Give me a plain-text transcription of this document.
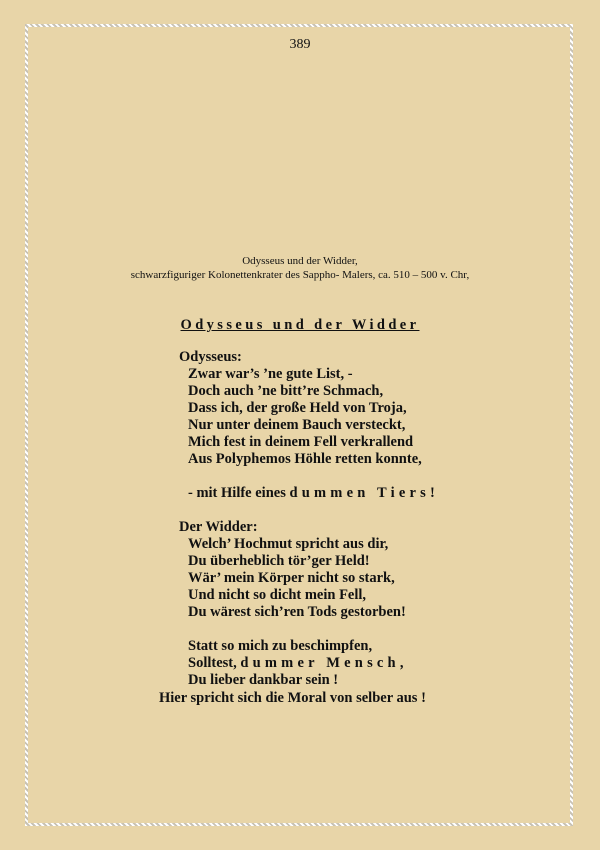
389
Odysseus und der Widder,
schwarzfiguriger Kolonettenkrater des Sappho- Malers, ca. 510 – 500 v. Chr,
Odysseus und der Widder
Odysseus:
Zwar war’s ’ne gute List, -
Doch auch ’ne bitt’re Schmach,
Dass ich, der große Held von Troja,
Nur unter deinem Bauch versteckt,
Mich fest in deinem Fell verkrallend
Aus Polyphemos Höhle retten konnte,
- mit Hilfe eines dummen Tiers!
Der Widder:
Welch’ Hochmut spricht aus dir,
Du überheblich tör’ger Held!
Wär’ mein Körper nicht so stark,
Und nicht so dicht mein Fell,
Du wärest sich’ren Tods gestorben!
Statt so mich zu beschimpfen,
Solltest, dummer Mensch,
Du lieber dankbar sein !
Hier spricht sich die Moral von selber aus !
